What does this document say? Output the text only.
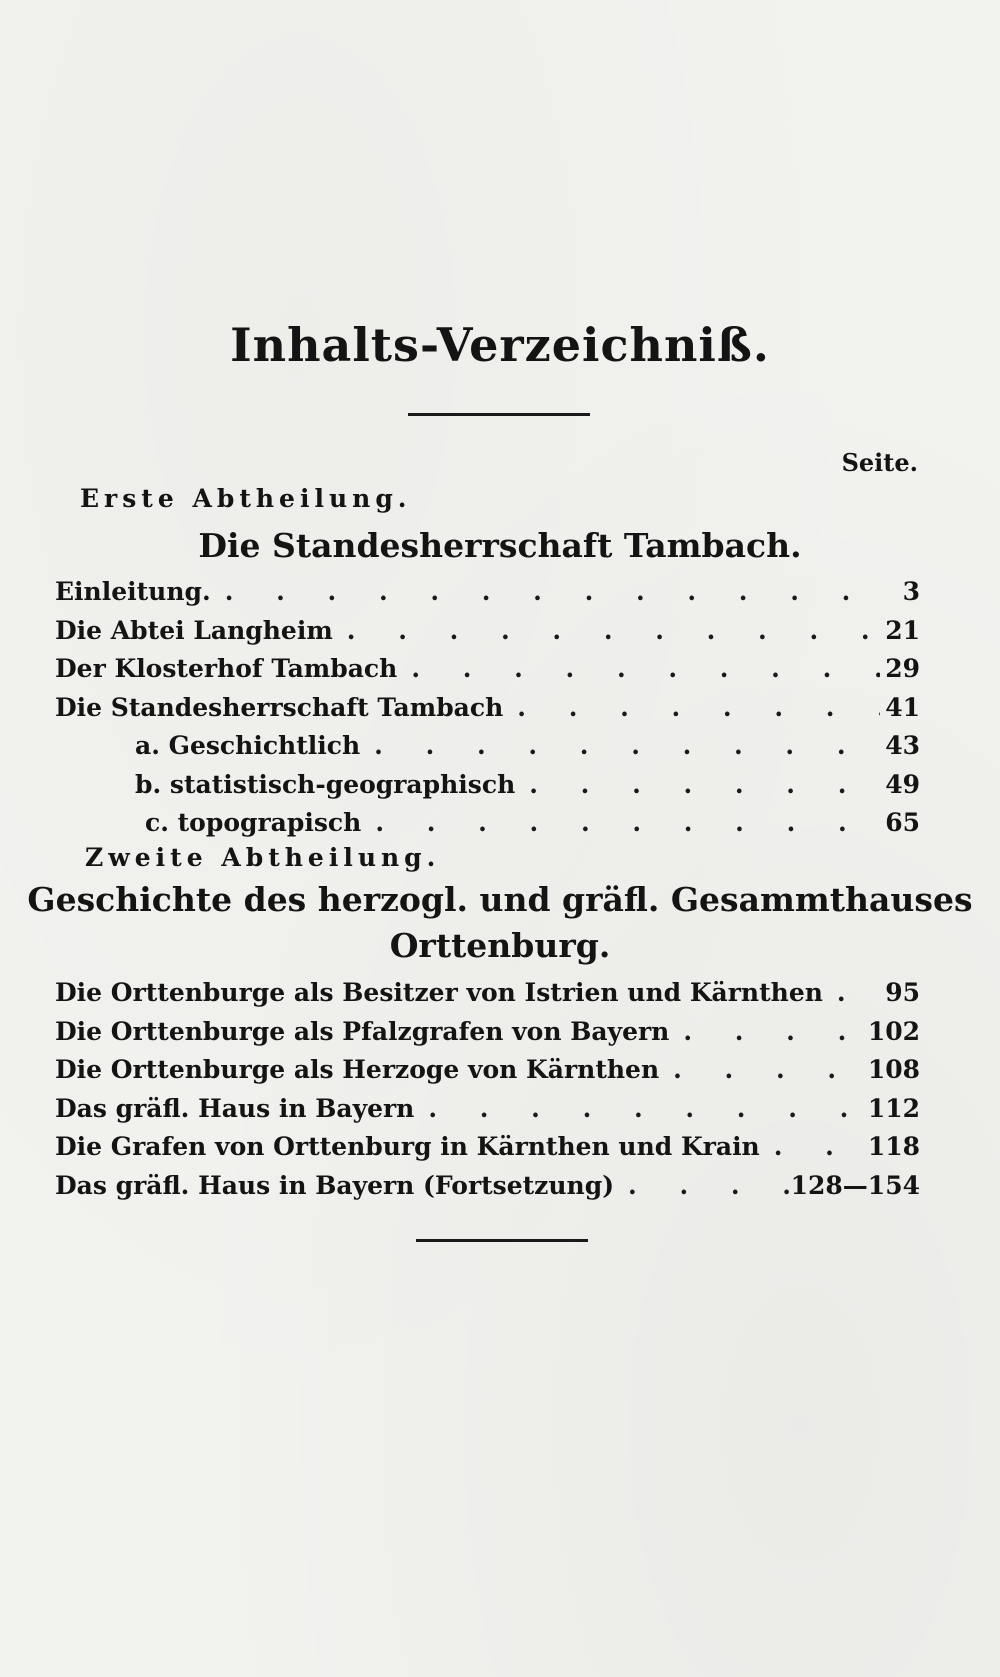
Inhalts-Verzeichniß.
Seite.
Erste Abtheilung.
Die Standesherrschaft Tambach.
Einleitung. . . .	3
Die Abtei Langheim . . .	21
Der Klosterhof Tambach . . .	29
Die Standesherrschaft Tambach . . .	41
a. Geschichtlich . . .	43
b. statistisch-geographisch . . .	49
c. topograpisch . . .	65
Zweite Abtheilung.
Geschichte des herzogl. und gräfl. Gesammthauses
Orttenburg.
Die Orttenburge als Besitzer von Istrien und Kärnthen . . . 95
Die Orttenburge als Pfalzgrafen von Bayern . . .	102
Die Orttenburge als Herzoge von Kärnthen . . .	108
Das gräfl. Haus in Bayern . . .	112
Die Grafen von Orttenburg in Kärnthen und Krain . . .	118
Das gräfl. Haus in Bayern (Fortsetzung) . . .	128—154
